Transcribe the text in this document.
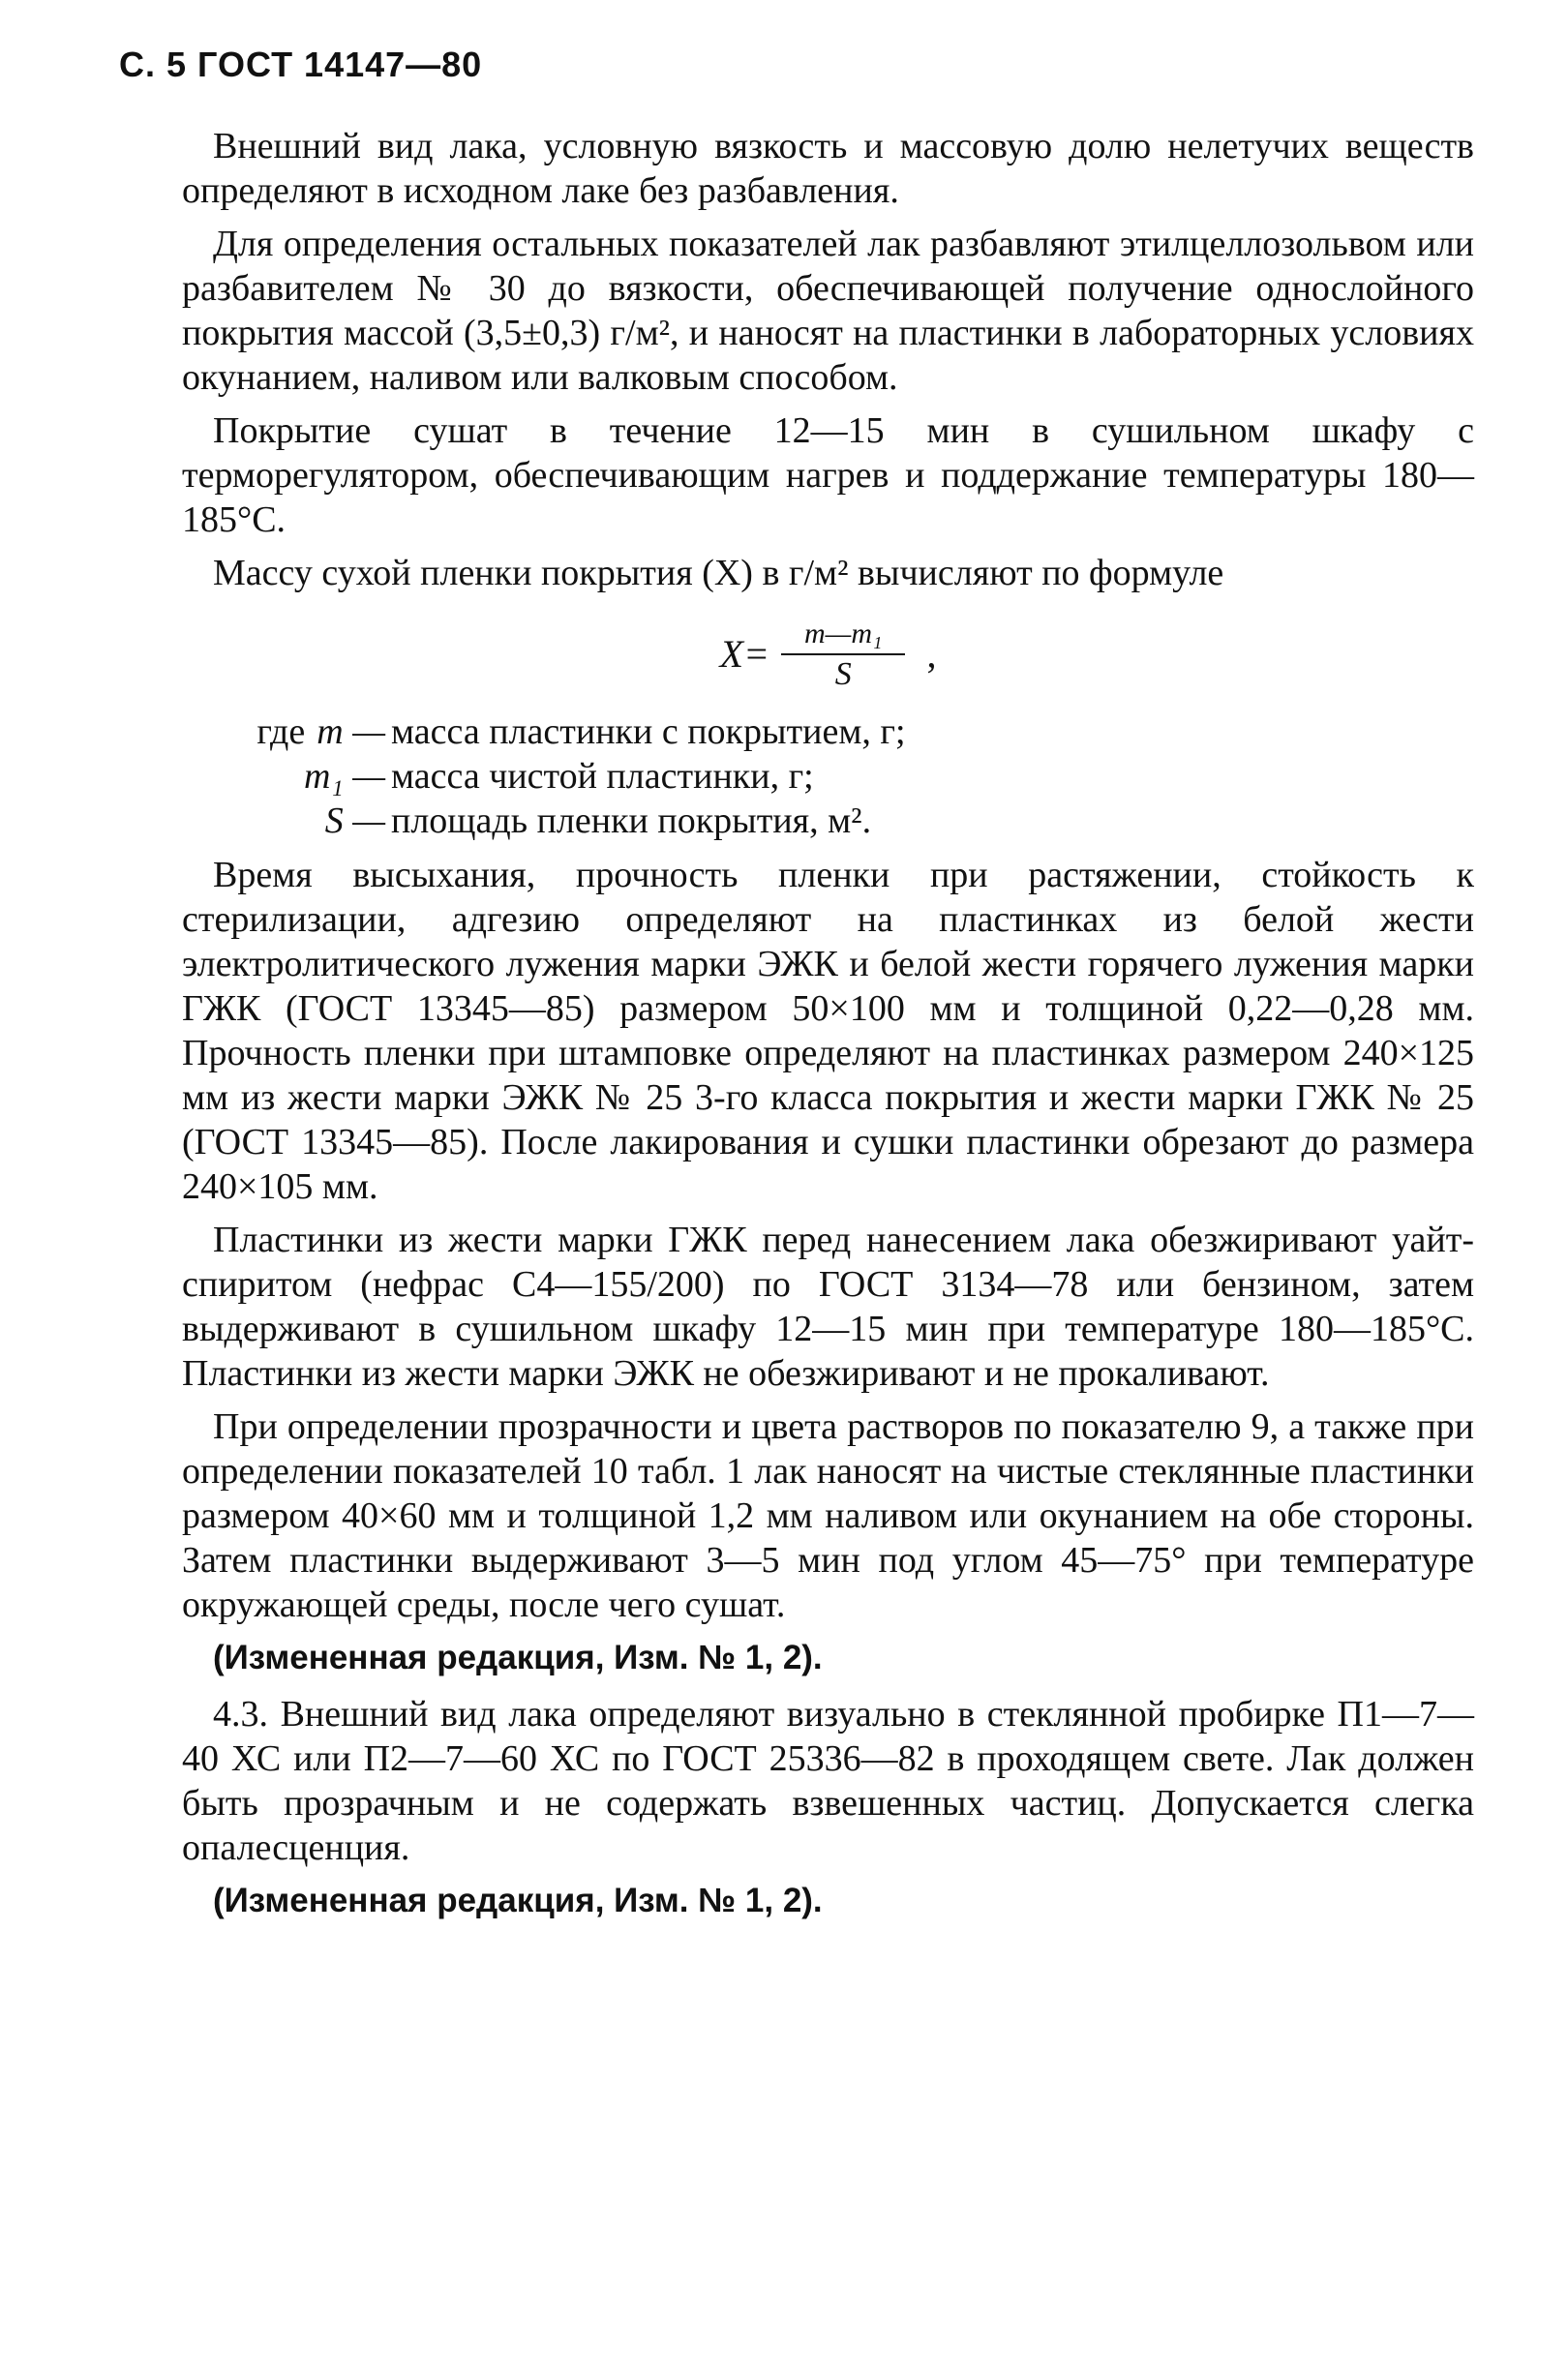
С. 5 ГОСТ 14147—80

Внешний вид лака, условную вязкость и массовую долю нелетучих веществ определяют в исходном лаке без разбавления.

Для определения остальных показателей лак разбавляют этилцеллозольвом или разбавителем № 30 до вязкости, обеспечивающей получение однослойного покрытия массой (3,5±0,3) г/м², и наносят на пластинки в лабораторных условиях окунанием, наливом или валковым способом.

Покрытие сушат в течение 12—15 мин в сушильном шкафу с терморегулятором, обеспечивающим нагрев и поддержание температуры 180—185°С.

Массу сухой пленки покрытия (X) в г/м² вычисляют по формуле

$X= \frac{\text{m—m₁}}{S}$ ,
где m — масса пластинки с покрытием, г;
m₁ — масса чистой пластинки, г;
S — площадь пленки покрытия, м².

Время высыхания, прочность пленки при растяжении, стойкость к стерилизации, адгезию определяют на пластинках из белой жести электролитического лужения марки ЭЖК и белой жести горячего лужения марки ГЖК (ГОСТ 13345—85) размером 50×100 мм и толщиной 0,22—0,28 мм. Прочность пленки при штамповке определяют на пластинках размером 240×125 мм из жести марки ЭЖК № 25 3-го класса покрытия и жести марки ГЖК № 25 (ГОСТ 13345—85). После лакирования и сушки пластинки обрезают до размера 240×105 мм.

Пластинки из жести марки ГЖК перед нанесением лака обезжиривают уайт-спиритом (нефрас С4—155/200) по ГОСТ 3134—78 или бензином, затем выдерживают в сушильном шкафу 12—15 мин при температуре 180—185°С. Пластинки из жести марки ЭЖК не обезжиривают и не прокаливают.

При определении прозрачности и цвета растворов по показателю 9, а также при определении показателей 10 табл. 1 лак наносят на чистые стеклянные пластинки размером 40×60 мм и толщиной 1,2 мм наливом или окунанием на обе стороны. Затем пластинки выдерживают 3—5 мин под углом 45—75° при температуре окружающей среды, после чего сушат.

(Измененная редакция, Изм. № 1, 2).

4.3. Внешний вид лака определяют визуально в стеклянной пробирке П1—7—40 ХС или П2—7—60 ХС по ГОСТ 25336—82 в проходящем свете. Лак должен быть прозрачным и не содержать взвешенных частиц. Допускается слегка опалесценция.

(Измененная редакция, Изм. № 1, 2).
